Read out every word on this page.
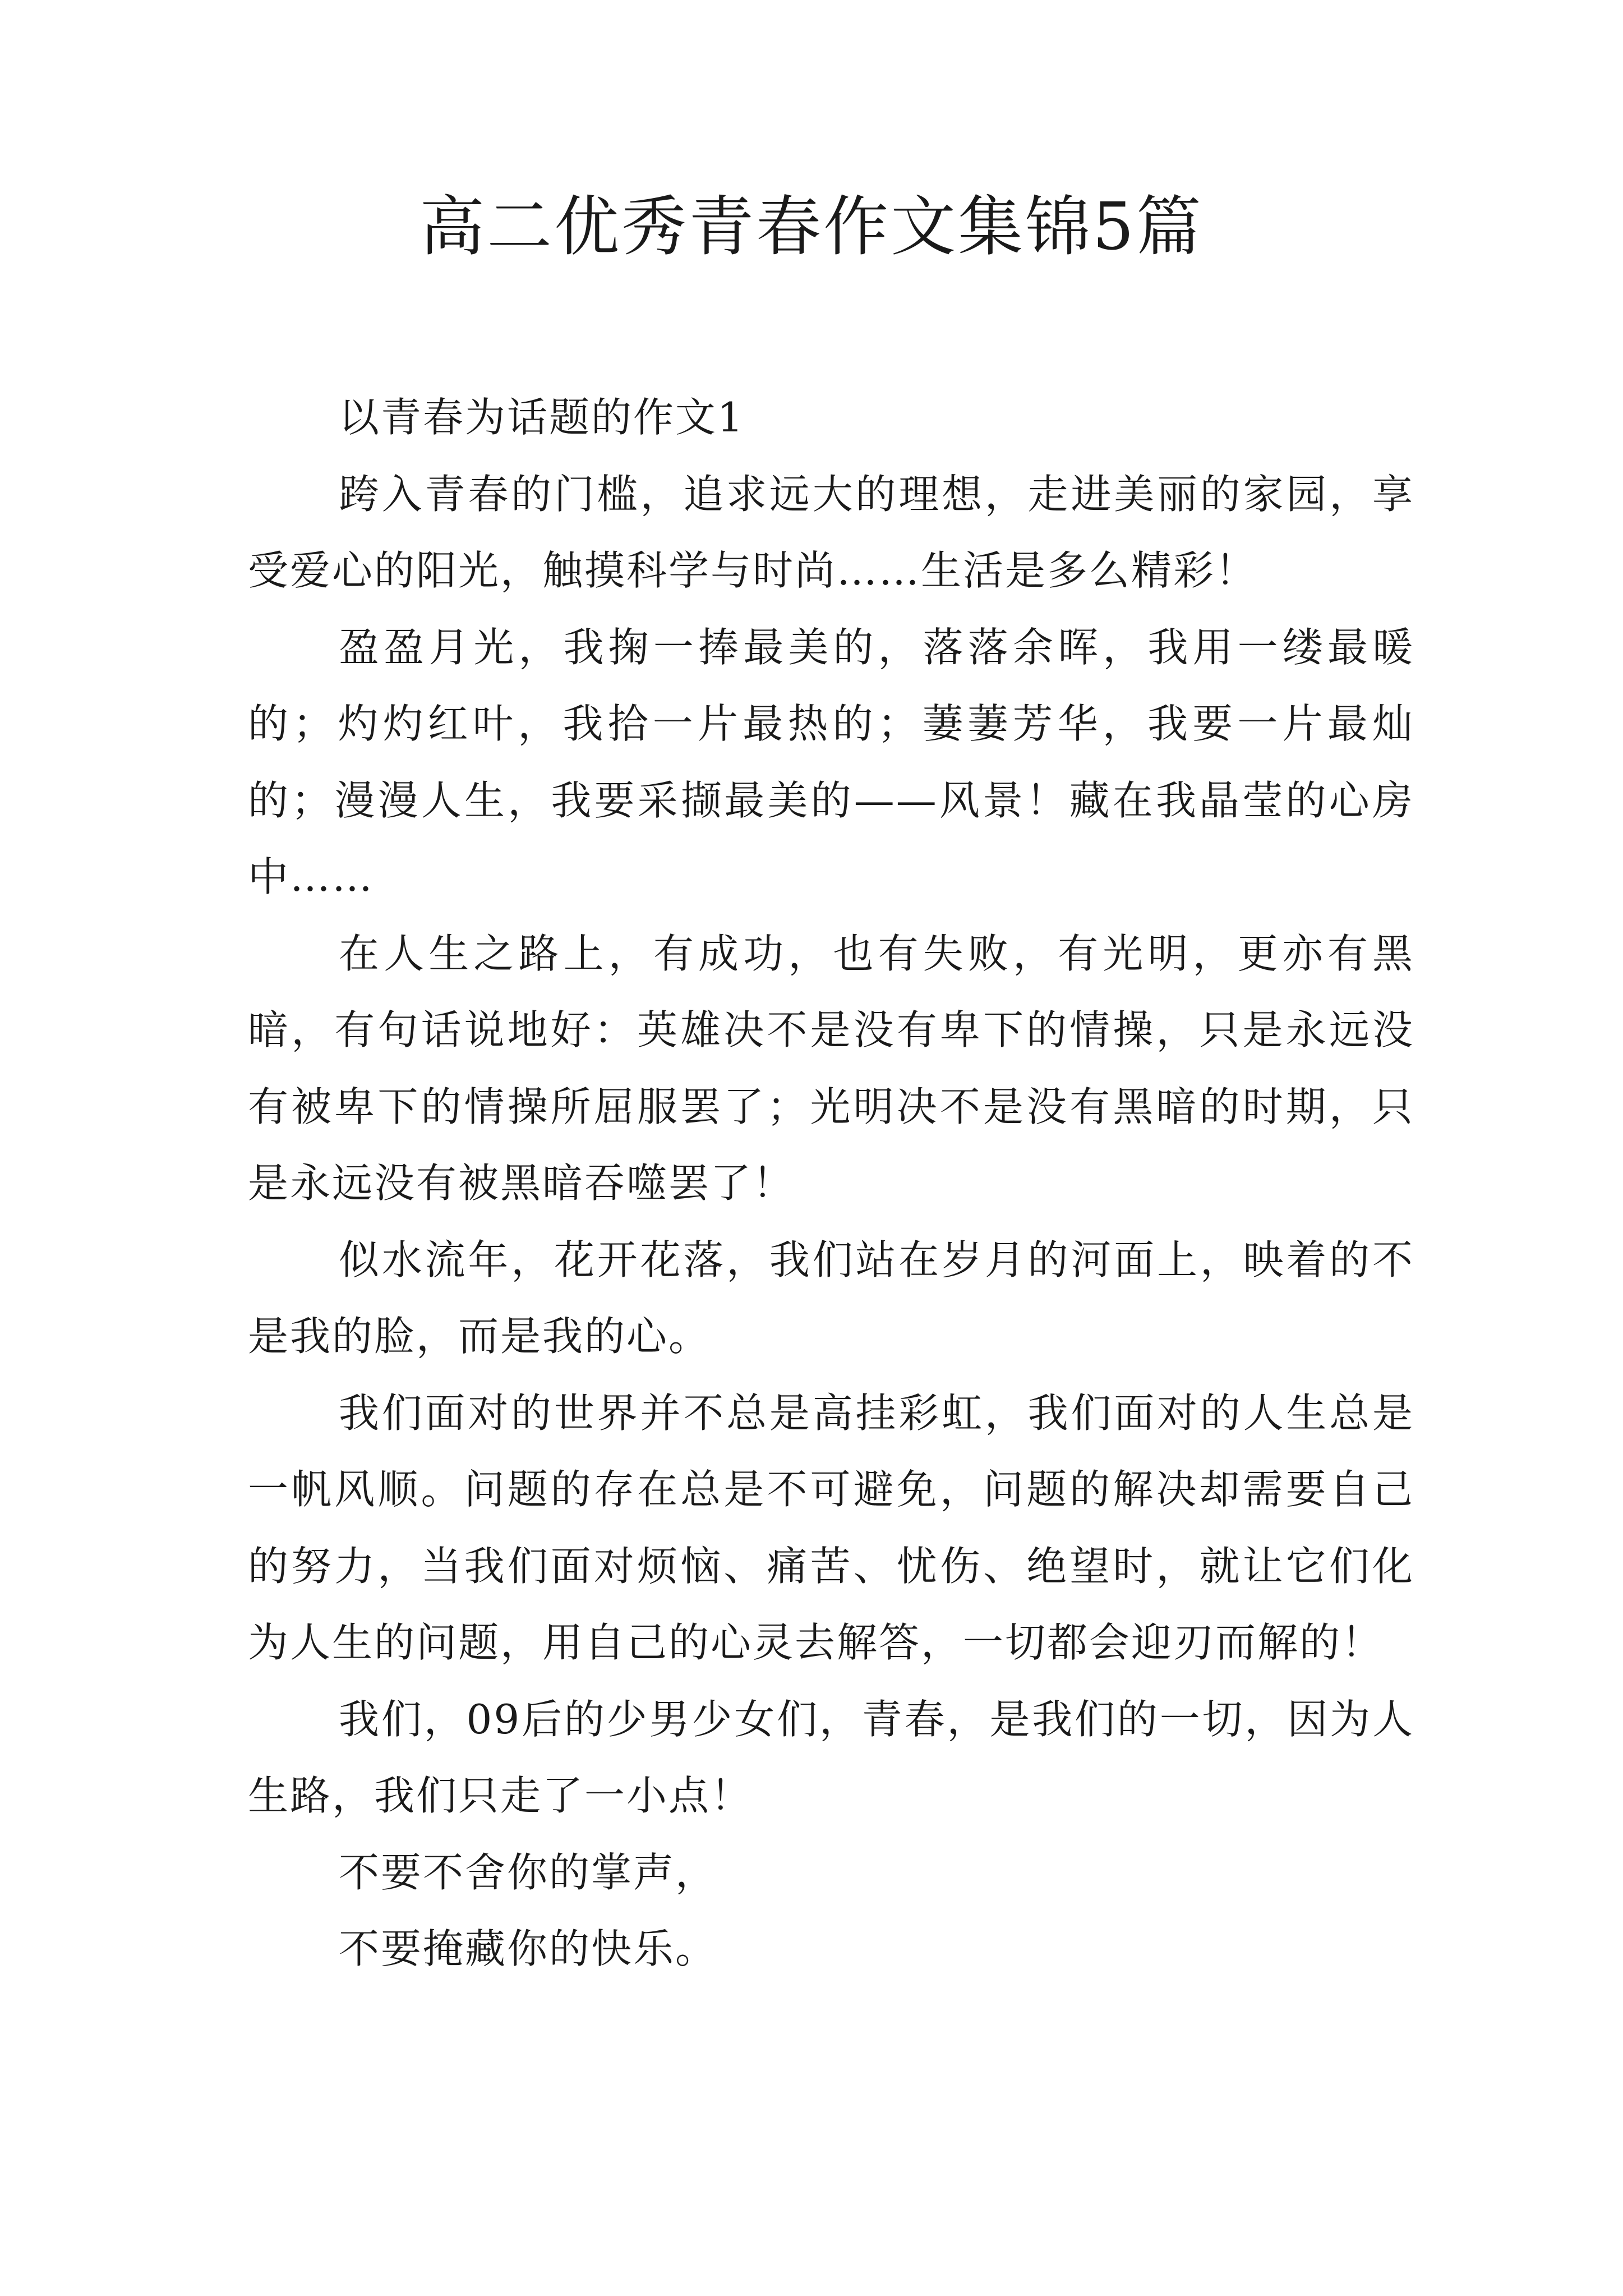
高二优秀青春作文集锦5篇

以青春为话题的作文1

跨入青春的门槛，追求远大的理想，走进美丽的家园，享受爱心的阳光，触摸科学与时尚……生活是多么精彩！

盈盈月光，我掬一捧最美的，落落余晖，我用一缕最暖的；灼灼红叶，我拾一片最热的；萋萋芳华，我要一片最灿的；漫漫人生，我要采撷最美的——风景！藏在我晶莹的心房中……

在人生之路上，有成功，也有失败，有光明，更亦有黑暗，有句话说地好：英雄决不是没有卑下的情操，只是永远没有被卑下的情操所屈服罢了；光明决不是没有黑暗的时期，只是永远没有被黑暗吞噬罢了！

似水流年，花开花落，我们站在岁月的河面上，映着的不是我的脸，而是我的心。

我们面对的世界并不总是高挂彩虹，我们面对的人生总是一帆风顺。问题的存在总是不可避免，问题的解决却需要自己的努力，当我们面对烦恼、痛苦、忧伤、绝望时，就让它们化为人生的问题，用自己的心灵去解答，一切都会迎刃而解的！

我们，09后的少男少女们，青春，是我们的一切，因为人生路，我们只走了一小点！

不要不舍你的掌声，

不要掩藏你的快乐。
